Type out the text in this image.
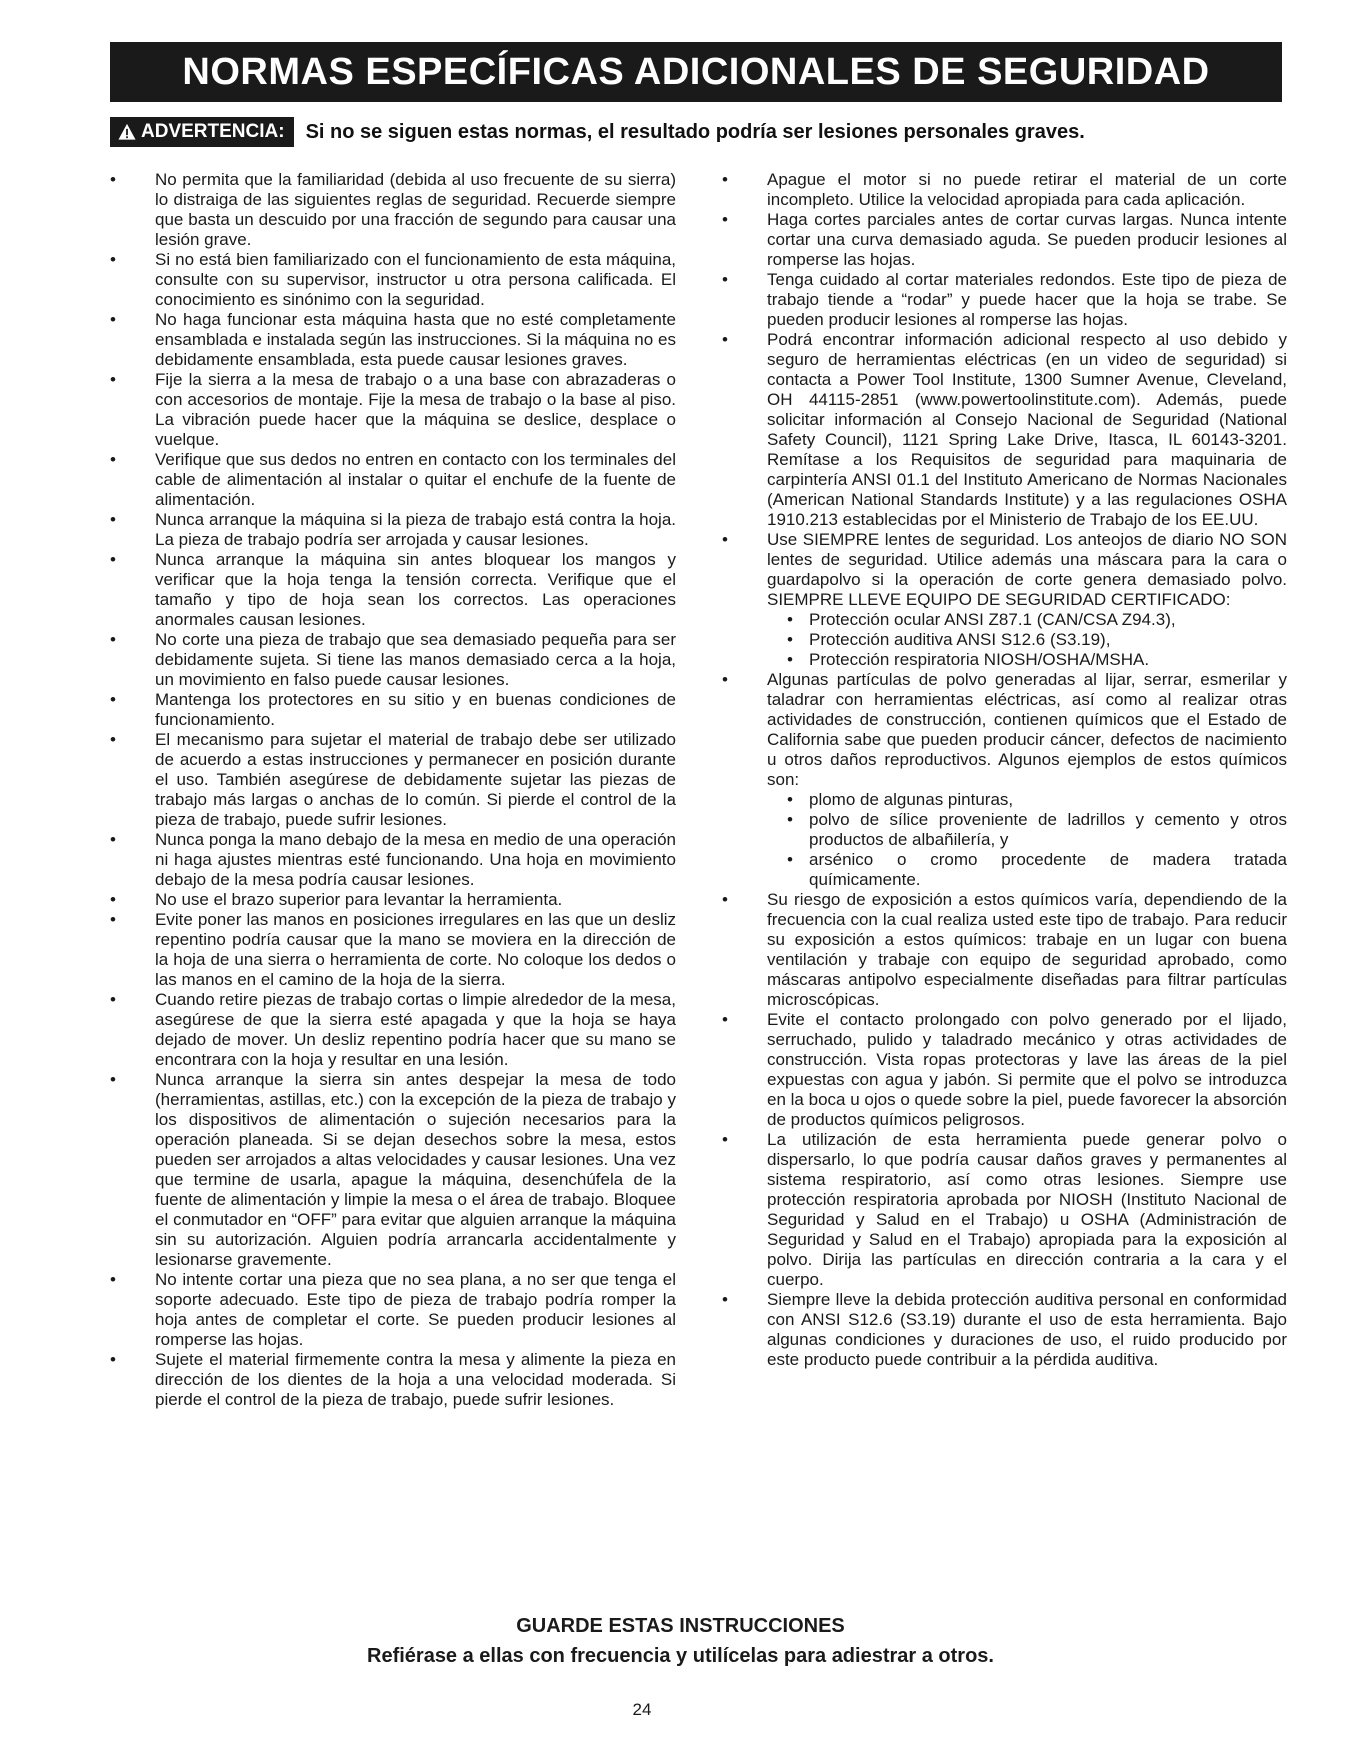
NORMAS ESPECÍFICAS ADICIONALES DE SEGURIDAD
ADVERTENCIA: Si no se siguen estas normas, el resultado podría ser lesiones personales graves.
• No permita que la familiaridad (debida al uso frecuente de su sierra) lo distraiga de las siguientes reglas de seguridad. Recuerde siempre que basta un descuido por una fracción de segundo para causar una lesión grave.
• Si no está bien familiarizado con el funcionamiento de esta máquina, consulte con su supervisor, instructor u otra persona calificada. El conocimiento es sinónimo con la seguridad.
• No haga funcionar esta máquina hasta que no esté completamente ensamblada e instalada según las instrucciones. Si la máquina no es debidamente ensamblada, esta puede causar lesiones graves.
• Fije la sierra a la mesa de trabajo o a una base con abrazaderas o con accesorios de montaje. Fije la mesa de trabajo o la base al piso. La vibración puede hacer que la máquina se deslice, desplace o vuelque.
• Verifique que sus dedos no entren en contacto con los terminales del cable de alimentación al instalar o quitar el enchufe de la fuente de alimentación.
• Nunca arranque la máquina si la pieza de trabajo está contra la hoja. La pieza de trabajo podría ser arrojada y causar lesiones.
• Nunca arranque la máquina sin antes bloquear los mangos y verificar que la hoja tenga la tensión correcta. Verifique que el tamaño y tipo de hoja sean los correctos. Las operaciones anormales causan lesiones.
• No corte una pieza de trabajo que sea demasiado pequeña para ser debidamente sujeta. Si tiene las manos demasiado cerca a la hoja, un movimiento en falso puede causar lesiones.
• Mantenga los protectores en su sitio y en buenas condiciones de funcionamiento.
• El mecanismo para sujetar el material de trabajo debe ser utilizado de acuerdo a estas instrucciones y permanecer en posición durante el uso. También asegúrese de debidamente sujetar las piezas de trabajo más largas o anchas de lo común. Si pierde el control de la pieza de trabajo, puede sufrir lesiones.
• Nunca ponga la mano debajo de la mesa en medio de una operación ni haga ajustes mientras esté funcionando. Una hoja en movimiento debajo de la mesa podría causar lesiones.
• No use el brazo superior para levantar la herramienta.
• Evite poner las manos en posiciones irregulares en las que un desliz repentino podría causar que la mano se moviera en la dirección de la hoja de una sierra o herramienta de corte. No coloque los dedos o las manos en el camino de la hoja de la sierra.
• Cuando retire piezas de trabajo cortas o limpie alrededor de la mesa, asegúrese de que la sierra esté apagada y que la hoja se haya dejado de mover. Un desliz repentino podría hacer que su mano se encontrara con la hoja y resultar en una lesión.
• Nunca arranque la sierra sin antes despejar la mesa de todo (herramientas, astillas, etc.) con la excepción de la pieza de trabajo y los dispositivos de alimentación o sujeción necesarios para la operación planeada. Si se dejan desechos sobre la mesa, estos pueden ser arrojados a altas velocidades y causar lesiones. Una vez que termine de usarla, apague la máquina, desenchúfela de la fuente de alimentación y limpie la mesa o el área de trabajo. Bloquee el conmutador en “OFF” para evitar que alguien arranque la máquina sin su autorización. Alguien podría arrancarla accidentalmente y lesionarse gravemente.
• No intente cortar una pieza que no sea plana, a no ser que tenga el soporte adecuado. Este tipo de pieza de trabajo podría romper la hoja antes de completar el corte. Se pueden producir lesiones al romperse las hojas.
• Sujete el material firmemente contra la mesa y alimente la pieza en dirección de los dientes de la hoja a una velocidad moderada. Si pierde el control de la pieza de trabajo, puede sufrir lesiones.
• Apague el motor si no puede retirar el material de un corte incompleto. Utilice la velocidad apropiada para cada aplicación.
• Haga cortes parciales antes de cortar curvas largas. Nunca intente cortar una curva demasiado aguda. Se pueden producir lesiones al romperse las hojas.
• Tenga cuidado al cortar materiales redondos. Este tipo de pieza de trabajo tiende a “rodar” y puede hacer que la hoja se trabe. Se pueden producir lesiones al romperse las hojas.
• Podrá encontrar información adicional respecto al uso debido y seguro de herramientas eléctricas (en un video de seguridad) si contacta a Power Tool Institute, 1300 Sumner Avenue, Cleveland, OH 44115-2851 (www.powertoolinstitute.com). Además, puede solicitar información al Consejo Nacional de Seguridad (National Safety Council), 1121 Spring Lake Drive, Itasca, IL 60143-3201. Remítase a los Requisitos de seguridad para maquinaria de carpintería ANSI 01.1 del Instituto Americano de Normas Nacionales (American National Standards Institute) y a las regulaciones OSHA 1910.213 establecidas por el Ministerio de Trabajo de los EE.UU.
• Use SIEMPRE lentes de seguridad. Los anteojos de diario NO SON lentes de seguridad. Utilice además una máscara para la cara o guardapolvo si la operación de corte genera demasiado polvo. SIEMPRE LLEVE EQUIPO DE SEGURIDAD CERTIFICADO:
• Protección ocular ANSI Z87.1 (CAN/CSA Z94.3),
• Protección auditiva ANSI S12.6 (S3.19),
• Protección respiratoria NIOSH/OSHA/MSHA.
• Algunas partículas de polvo generadas al lijar, serrar, esmerilar y taladrar con herramientas eléctricas, así como al realizar otras actividades de construcción, contienen químicos que el Estado de California sabe que pueden producir cáncer, defectos de nacimiento u otros daños reproductivos. Algunos ejemplos de estos químicos son:
• plomo de algunas pinturas,
• polvo de sílice proveniente de ladrillos y cemento y otros productos de albañilería, y
• arsénico o cromo procedente de madera tratada químicamente.
• Su riesgo de exposición a estos químicos varía, dependiendo de la frecuencia con la cual realiza usted este tipo de trabajo. Para reducir su exposición a estos químicos: trabaje en un lugar con buena ventilación y trabaje con equipo de seguridad aprobado, como máscaras antipolvo especialmente diseñadas para filtrar partículas microscópicas.
• Evite el contacto prolongado con polvo generado por el lijado, serruchado, pulido y taladrado mecánico y otras actividades de construcción. Vista ropas protectoras y lave las áreas de la piel expuestas con agua y jabón. Si permite que el polvo se introduzca en la boca u ojos o quede sobre la piel, puede favorecer la absorción de productos químicos peligrosos.
• La utilización de esta herramienta puede generar polvo o dispersarlo, lo que podría causar daños graves y permanentes al sistema respiratorio, así como otras lesiones. Siempre use protección respiratoria aprobada por NIOSH (Instituto Nacional de Seguridad y Salud en el Trabajo) u OSHA (Administración de Seguridad y Salud en el Trabajo) apropiada para la exposición al polvo. Dirija las partículas en dirección contraria a la cara y el cuerpo.
• Siempre lleve la debida protección auditiva personal en conformidad con ANSI S12.6 (S3.19) durante el uso de esta herramienta. Bajo algunas condiciones y duraciones de uso, el ruido producido por este producto puede contribuir a la pérdida auditiva.
GUARDE ESTAS INSTRUCCIONES
Refiérase a ellas con frecuencia y utilícelas para adiestrar a otros.
24
